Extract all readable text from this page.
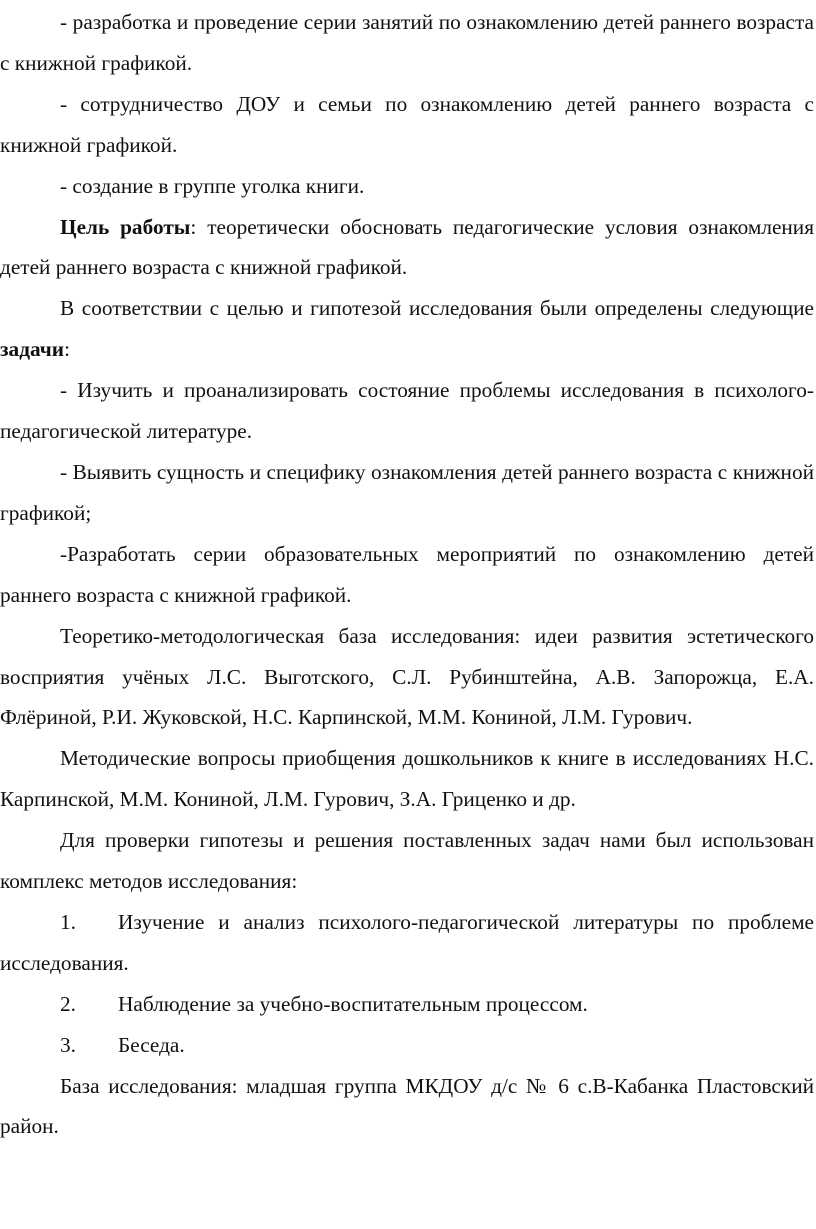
- разработка и проведение серии занятий по ознакомлению детей раннего возраста с книжной графикой.

- сотрудничество ДОУ и семьи по ознакомлению детей раннего возраста с книжной графикой.

- создание в группе уголка книги.

Цель работы: теоретически обосновать педагогические условия ознакомления детей раннего возраста с книжной графикой.

В соответствии с целью и гипотезой исследования были определены следующие задачи:

- Изучить и проанализировать состояние проблемы исследования в психолого-педагогической литературе.

- Выявить сущность и специфику ознакомления детей раннего возраста с книжной графикой;

-Разработать серии образовательных мероприятий по ознакомлению детей раннего возраста с книжной графикой.

Теоретико-методологическая база исследования: идеи развития эстетического восприятия учёных Л.С. Выготского, С.Л. Рубинштейна, А.В. Запорожца, Е.А. Флёриной, Р.И. Жуковской, Н.С. Карпинской, М.М. Кониной, Л.М. Гурович.

Методические вопросы приобщения дошкольников к книге в исследованиях Н.С. Карпинской, М.М. Кониной, Л.М. Гурович, З.А. Гриценко и др.

Для проверки гипотезы и решения поставленных задач нами был использован комплекс методов исследования:

1. Изучение и анализ психолого-педагогической литературы по проблеме исследования.

2. Наблюдение за учебно-воспитательным процессом.

3. Беседа.

База исследования: младшая группа МКДОУ д/с № 6 с.В-Кабанка Пластовский район.
